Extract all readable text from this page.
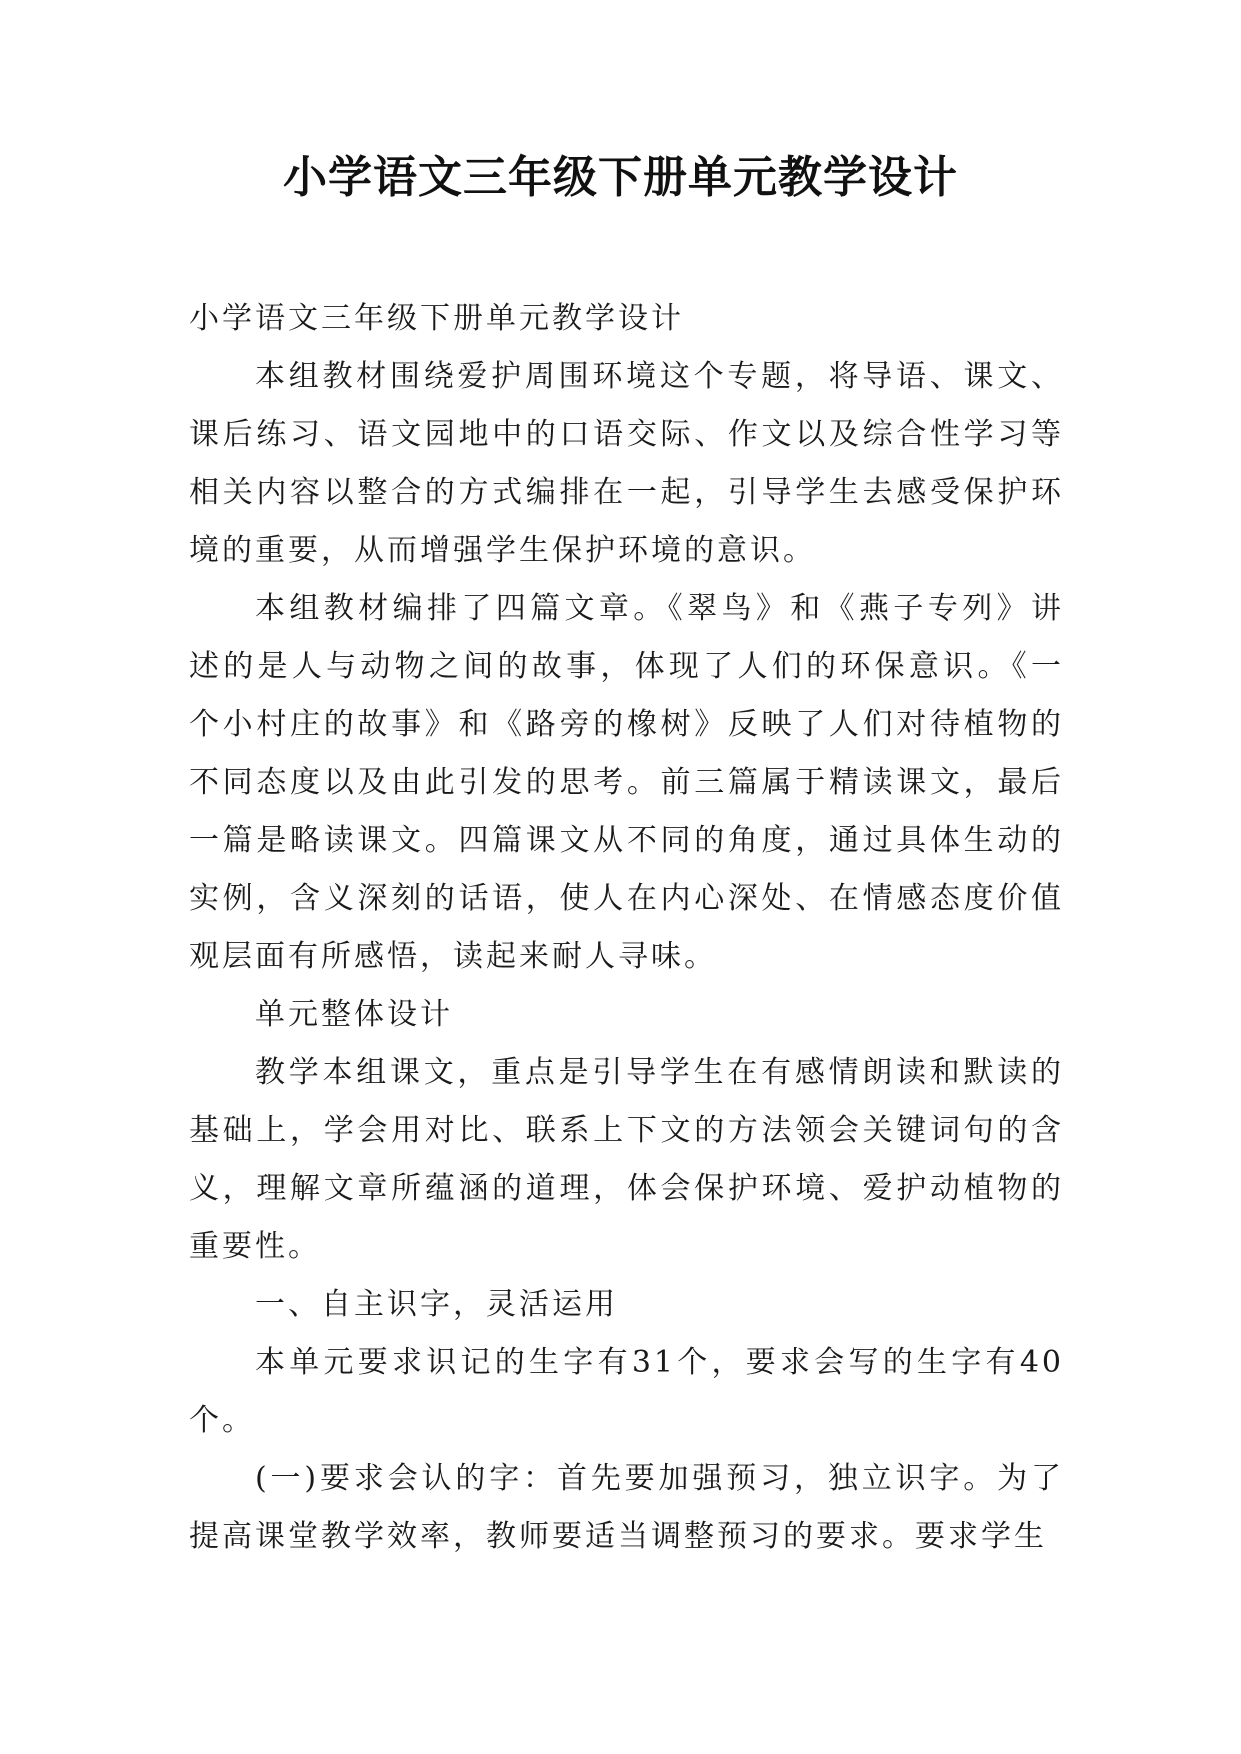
小学语文三年级下册单元教学设计

小学语文三年级下册单元教学设计

本组教材围绕爱护周围环境这个专题，将导语、课文、课后练习、语文园地中的口语交际、作文以及综合性学习等相关内容以整合的方式编排在一起，引导学生去感受保护环境的重要，从而增强学生保护环境的意识。

本组教材编排了四篇文章。《翠鸟》和《燕子专列》讲述的是人与动物之间的故事，体现了人们的环保意识。《一个小村庄的故事》和《路旁的橡树》反映了人们对待植物的不同态度以及由此引发的思考。前三篇属于精读课文，最后一篇是略读课文。四篇课文从不同的角度，通过具体生动的实例，含义深刻的话语，使人在内心深处、在情感态度价值观层面有所感悟，读起来耐人寻味。

单元整体设计

教学本组课文，重点是引导学生在有感情朗读和默读的基础上，学会用对比、联系上下文的方法领会关键词句的含义，理解文章所蕴涵的道理，体会保护环境、爱护动植物的重要性。

一、自主识字，灵活运用

本单元要求识记的生字有31个，要求会写的生字有40个。

(一)要求会认的字：首先要加强预习，独立识字。为了提高课堂教学效率，教师要适当调整预习的要求。要求学生
